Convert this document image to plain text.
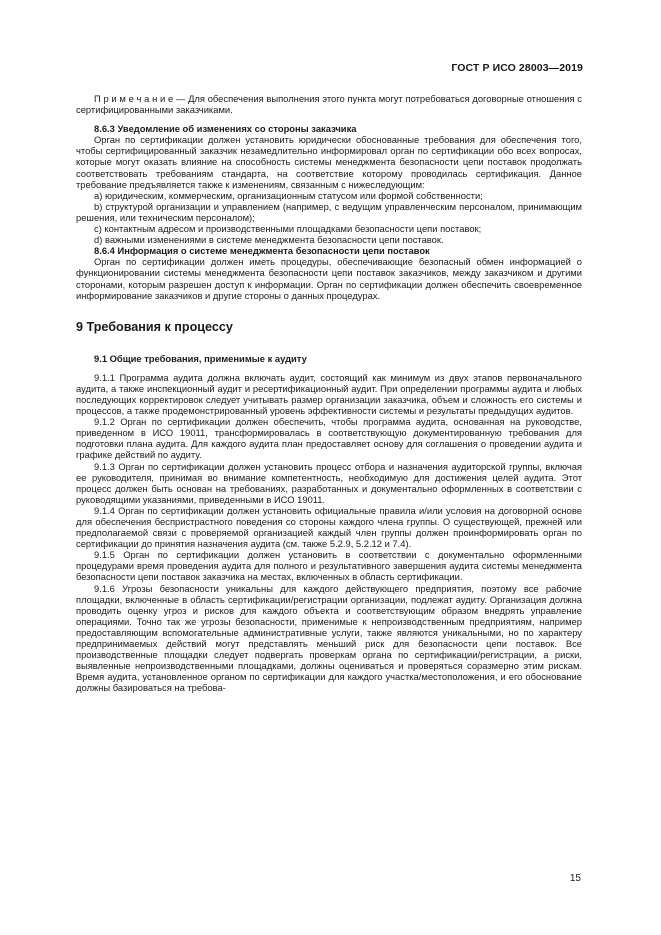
ГОСТ Р ИСО 28003—2019

П р и м е ч а н и е — Для обеспечения выполнения этого пункта могут потребоваться договорные отношения с сертифицированными заказчиками.

8.6.3 Уведомление об изменениях со стороны заказчика

Орган по сертификации должен установить юридически обоснованные требования для обеспечения того, чтобы сертифицированный заказчик незамедлительно информировал орган по сертификации обо всех вопросах, которые могут оказать влияние на способность системы менеджмента безопасности цепи поставок продолжать соответствовать требованиям стандарта, на соответствие которому проводилась сертификация. Данное требование предъявляется также к изменениям, связанным с нижеследующим:

a) юридическим, коммерческим, организационным статусом или формой собственности;

b) структурой организации и управлением (например, с ведущим управленческим персоналом, принимающим решения, или техническим персоналом);

c) контактным адресом и производственными площадками безопасности цепи поставок;

d) важными изменениями в системе менеджмента безопасности цепи поставок.

8.6.4 Информация о системе менеджмента безопасности цепи поставок

Орган по сертификации должен иметь процедуры, обеспечивающие безопасный обмен информацией о функционировании системы менеджмента безопасности цепи поставок заказчиков, между заказчиком и другими сторонами, которым разрешен доступ к информации. Орган по сертификации должен обеспечить своевременное информирование заказчиков и другие стороны о данных процедурах.

9 Требования к процессу

9.1 Общие требования, применимые к аудиту

9.1.1 Программа аудита должна включать аудит, состоящий как минимум из двух этапов первоначального аудита, а также инспекционный аудит и ресертификационный аудит. При определении программы аудита и любых последующих корректировок следует учитывать размер организации заказчика, объем и сложность его системы и процессов, а также продемонстрированный уровень эффективности системы и результаты предыдущих аудитов.

9.1.2 Орган по сертификации должен обеспечить, чтобы программа аудита, основанная на руководстве, приведенном в ИСО 19011, трансформировалась в соответствующую документированную требования для подготовки плана аудита. Для каждого аудита план предоставляет основу для соглашения о проведении аудита и графике действий по аудиту.

9.1.3 Орган по сертификации должен установить процесс отбора и назначения аудиторской группы, включая ее руководителя, принимая во внимание компетентность, необходимую для достижения целей аудита. Этот процесс должен быть основан на требованиях, разработанных и документально оформленных в соответствии с руководящими указаниями, приведенными в ИСО 19011.

9.1.4 Орган по сертификации должен установить официальные правила и/или условия на договорной основе для обеспечения беспристрастного поведения со стороны каждого члена группы. О существующей, прежней или предполагаемой связи с проверяемой организацией каждый член группы должен проинформировать орган по сертификации до принятия назначения аудита (см. также 5.2.9, 5.2.12 и 7.4).

9.1.5 Орган по сертификации должен установить в соответствии с документально оформленными процедурами время проведения аудита для полного и результативного завершения аудита системы менеджмента безопасности цепи поставок заказчика на местах, включенных в область сертификации.

9.1.6 Угрозы безопасности уникальны для каждого действующего предприятия, поэтому все рабочие площадки, включенные в область сертификации/регистрации организации, подлежат аудиту. Организация должна проводить оценку угроз и рисков для каждого объекта и соответствующим образом внедрять управление операциями. Точно так же угрозы безопасности, применимые к непроизводственным предприятиям, например предоставляющим вспомогательные административные услуги, также являются уникальными, но по характеру предпринимаемых действий могут представлять меньший риск для безопасности цепи поставок. Все производственные площадки следует подвергать проверкам органа по сертификации/регистрации, а риски, выявленные непроизводственными площадками, должны оцениваться и проверяться соразмерно этим рискам. Время аудита, установленное органом по сертификации для каждого участка/местоположения, и его обоснование должны базироваться на требова-

15
